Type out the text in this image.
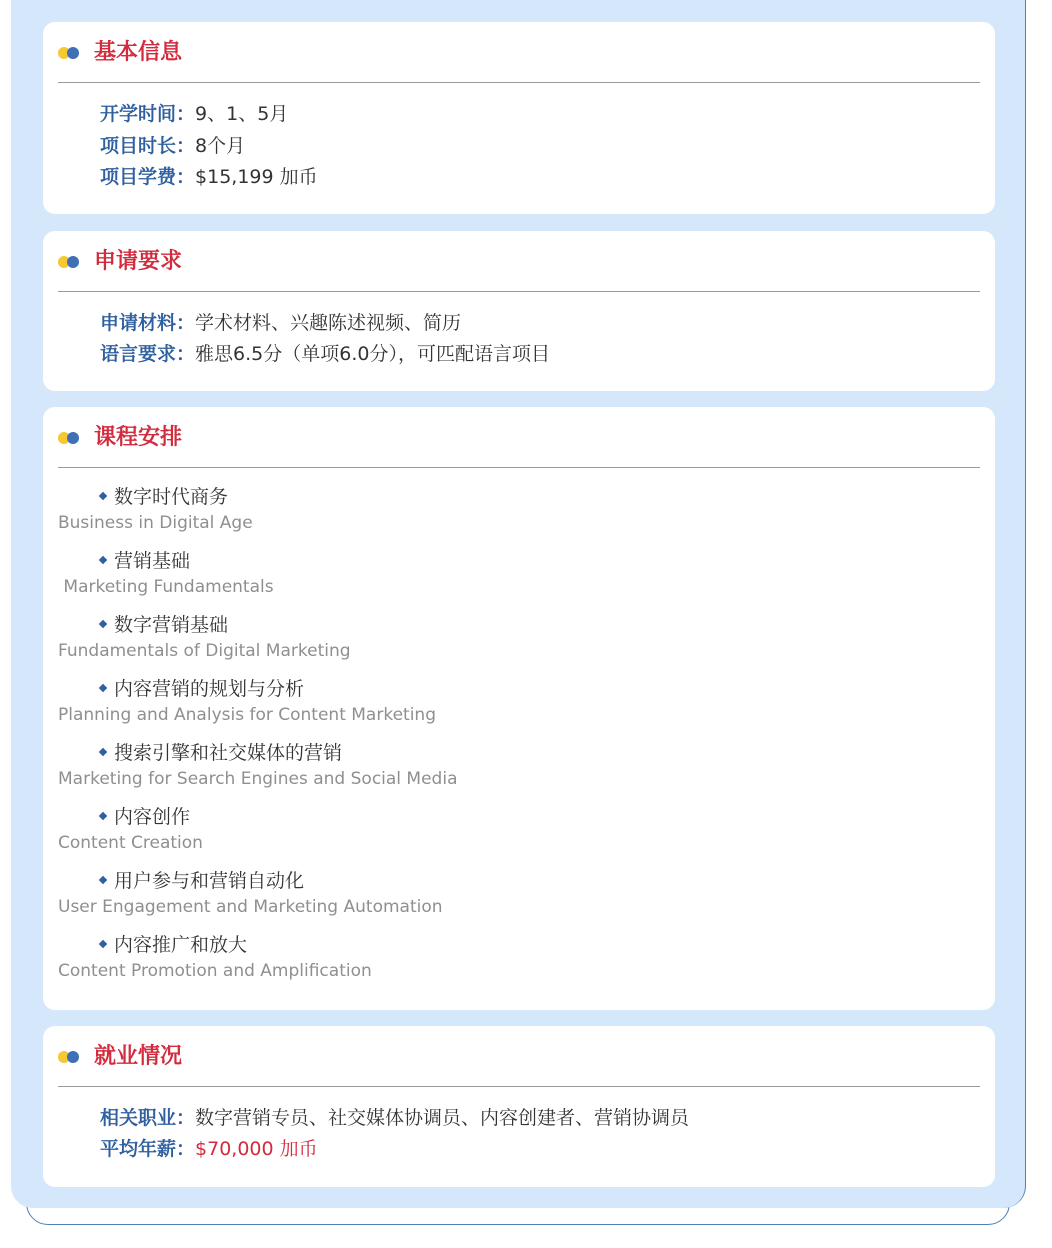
基本信息
开学时间：9、1、5月
项目时长：8个月
项目学费：$15,199 加币
申请要求
申请材料：学术材料、兴趣陈述视频、简历
语言要求：雅思6.5分（单项6.0分），可匹配语言项目
课程安排
数字时代商务
Business in Digital Age
营销基础
Marketing Fundamentals
数字营销基础
Fundamentals of Digital Marketing
内容营销的规划与分析
Planning and Analysis for Content Marketing
搜索引擎和社交媒体的营销
Marketing for Search Engines and Social Media
内容创作
Content Creation
用户参与和营销自动化
User Engagement and Marketing Automation
内容推广和放大
Content Promotion and Amplification
就业情况
相关职业：数字营销专员、社交媒体协调员、内容创建者、营销协调员
平均年薪：$70,000 加币
